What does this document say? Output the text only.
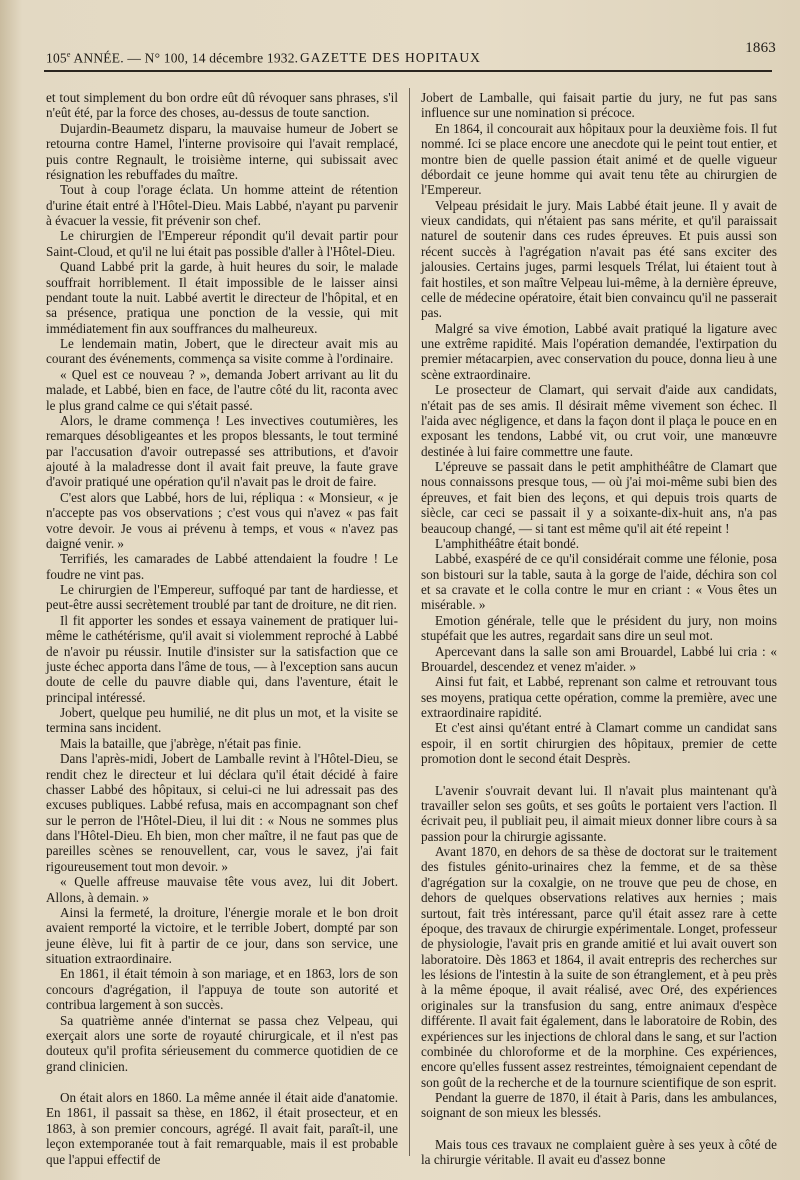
105e ANNÉE. — N° 100, 14 décembre 1932. GAZETTE DES HOPITAUX
1863

et tout simplement du bon ordre eût dû révoquer sans phrases, s'il n'eût été, par la force des choses, au-dessus de toute sanction.

Dujardin-Beaumetz disparu, la mauvaise humeur de Jobert se retourna contre Hamel, l'interne provisoire qui l'avait remplacé, puis contre Regnault, le troisième interne, qui subissait avec résignation les rebuffades du maître.

Tout à coup l'orage éclata. Un homme atteint de rétention d'urine était entré à l'Hôtel-Dieu. Mais Labbé, n'ayant pu parvenir à évacuer la vessie, fit prévenir son chef.

Le chirurgien de l'Empereur répondit qu'il devait partir pour Saint-Cloud, et qu'il ne lui était pas possible d'aller à l'Hôtel-Dieu.

Quand Labbé prit la garde, à huit heures du soir, le malade souffrait horriblement. Il était impossible de le laisser ainsi pendant toute la nuit. Labbé avertit le directeur de l'hôpital, et en sa présence, pratiqua une ponction de la vessie, qui mit immédiatement fin aux souffrances du malheureux.

Le lendemain matin, Jobert, que le directeur avait mis au courant des événements, commença sa visite comme à l'ordinaire.

« Quel est ce nouveau ? », demanda Jobert arrivant au lit du malade, et Labbé, bien en face, de l'autre côté du lit, raconta avec le plus grand calme ce qui s'était passé.

Alors, le drame commença ! Les invectives coutumières, les remarques désobligeantes et les propos blessants, le tout terminé par l'accusation d'avoir outrepassé ses attributions, et d'avoir ajouté à la maladresse dont il avait fait preuve, la faute grave d'avoir pratiqué une opération qu'il n'avait pas le droit de faire.

C'est alors que Labbé, hors de lui, répliqua : « Monsieur, « je n'accepte pas vos observations ; c'est vous qui n'avez « pas fait votre devoir. Je vous ai prévenu à temps, et vous « n'avez pas daigné venir. »

Terrifiés, les camarades de Labbé attendaient la foudre ! Le foudre ne vint pas.

Le chirurgien de l'Empereur, suffoqué par tant de hardiesse, et peut-être aussi secrètement troublé par tant de droiture, ne dit rien.

Il fit apporter les sondes et essaya vainement de pratiquer lui-même le cathétérisme, qu'il avait si violemment reproché à Labbé de n'avoir pu réussir. Inutile d'insister sur la satisfaction que ce juste échec apporta dans l'âme de tous, — à l'exception sans aucun doute de celle du pauvre diable qui, dans l'aventure, était le principal intéressé.

Jobert, quelque peu humilié, ne dit plus un mot, et la visite se termina sans incident.

Mais la bataille, que j'abrège, n'était pas finie.

Dans l'après-midi, Jobert de Lamballe revint à l'Hôtel-Dieu, se rendit chez le directeur et lui déclara qu'il était décidé à faire chasser Labbé des hôpitaux, si celui-ci ne lui adressait pas des excuses publiques. Labbé refusa, mais en accompagnant son chef sur le perron de l'Hôtel-Dieu, il lui dit : « Nous ne sommes plus dans l'Hôtel-Dieu. Eh bien, mon cher maître, il ne faut pas que de pareilles scènes se renouvellent, car, vous le savez, j'ai fait rigoureusement tout mon devoir. »

« Quelle affreuse mauvaise tête vous avez, lui dit Jobert. Allons, à demain. »

Ainsi la fermeté, la droiture, l'énergie morale et le bon droit avaient remporté la victoire, et le terrible Jobert, dompté par son jeune élève, lui fit à partir de ce jour, dans son service, une situation extraordinaire.

En 1861, il était témoin à son mariage, et en 1863, lors de son concours d'agrégation, il l'appuya de toute son autorité et contribua largement à son succès.

Sa quatrième année d'internat se passa chez Velpeau, qui exerçait alors une sorte de royauté chirurgicale, et il n'est pas douteux qu'il profita sérieusement du commerce quotidien de ce grand clinicien.

On était alors en 1860. La même année il était aide d'anatomie. En 1861, il passait sa thèse, en 1862, il était prosecteur, et en 1863, à son premier concours, agrégé. Il avait fait, paraît-il, une leçon extemporanée tout à fait remarquable, mais il est probable que l'appui effectif de

Jobert de Lamballe, qui faisait partie du jury, ne fut pas sans influence sur une nomination si précoce.

En 1864, il concourait aux hôpitaux pour la deuxième fois. Il fut nommé. Ici se place encore une anecdote qui le peint tout entier, et montre bien de quelle passion était animé et de quelle vigueur débordait ce jeune homme qui avait tenu tête au chirurgien de l'Empereur.

Velpeau présidait le jury. Mais Labbé était jeune. Il y avait de vieux candidats, qui n'étaient pas sans mérite, et qu'il paraissait naturel de soutenir dans ces rudes épreuves. Et puis aussi son récent succès à l'agrégation n'avait pas été sans exciter des jalousies. Certains juges, parmi lesquels Trélat, lui étaient tout à fait hostiles, et son maître Velpeau lui-même, à la dernière épreuve, celle de médecine opératoire, était bien convaincu qu'il ne passerait pas.

Malgré sa vive émotion, Labbé avait pratiqué la ligature avec une extrême rapidité. Mais l'opération demandée, l'extirpation du premier métacarpien, avec conservation du pouce, donna lieu à une scène extraordinaire.

Le prosecteur de Clamart, qui servait d'aide aux candidats, n'était pas de ses amis. Il désirait même vivement son échec. Il l'aida avec négligence, et dans la façon dont il plaça le pouce en en exposant les tendons, Labbé vit, ou crut voir, une manœuvre destinée à lui faire commettre une faute.

L'épreuve se passait dans le petit amphithéâtre de Clamart que nous connaissons presque tous, — où j'ai moi-même subi bien des épreuves, et fait bien des leçons, et qui depuis trois quarts de siècle, car ceci se passait il y a soixante-dix-huit ans, n'a pas beaucoup changé, — si tant est même qu'il ait été repeint !

L'amphithéâtre était bondé.

Labbé, exaspéré de ce qu'il considérait comme une félonie, posa son bistouri sur la table, sauta à la gorge de l'aide, déchira son col et sa cravate et le colla contre le mur en criant : « Vous êtes un misérable. »

Emotion générale, telle que le président du jury, non moins stupéfait que les autres, regardait sans dire un seul mot.

Apercevant dans la salle son ami Brouardel, Labbé lui cria : « Brouardel, descendez et venez m'aider. »

Ainsi fut fait, et Labbé, reprenant son calme et retrouvant tous ses moyens, pratiqua cette opération, comme la première, avec une extraordinaire rapidité.

Et c'est ainsi qu'étant entré à Clamart comme un candidat sans espoir, il en sortit chirurgien des hôpitaux, premier de cette promotion dont le second était Desprès.

L'avenir s'ouvrait devant lui. Il n'avait plus maintenant qu'à travailler selon ses goûts, et ses goûts le portaient vers l'action. Il écrivait peu, il publiait peu, il aimait mieux donner libre cours à sa passion pour la chirurgie agissante.

Avant 1870, en dehors de sa thèse de doctorat sur le traitement des fistules génito-urinaires chez la femme, et de sa thèse d'agrégation sur la coxalgie, on ne trouve que peu de chose, en dehors de quelques observations relatives aux hernies ; mais surtout, fait très intéressant, parce qu'il était assez rare à cette époque, des travaux de chirurgie expérimentale. Longet, professeur de physiologie, l'avait pris en grande amitié et lui avait ouvert son laboratoire. Dès 1863 et 1864, il avait entrepris des recherches sur les lésions de l'intestin à la suite de son étranglement, et à peu près à la même époque, il avait réalisé, avec Oré, des expériences originales sur la transfusion du sang, entre animaux d'espèce différente. Il avait fait également, dans le laboratoire de Robin, des expériences sur les injections de chloral dans le sang, et sur l'action combinée du chloroforme et de la morphine. Ces expériences, encore qu'elles fussent assez restreintes, témoignaient cependant de son goût de la recherche et de la tournure scientifique de son esprit.

Pendant la guerre de 1870, il était à Paris, dans les ambulances, soignant de son mieux les blessés.

Mais tous ces travaux ne complaient guère à ses yeux à côté de la chirurgie véritable. Il avait eu d'assez bonne
